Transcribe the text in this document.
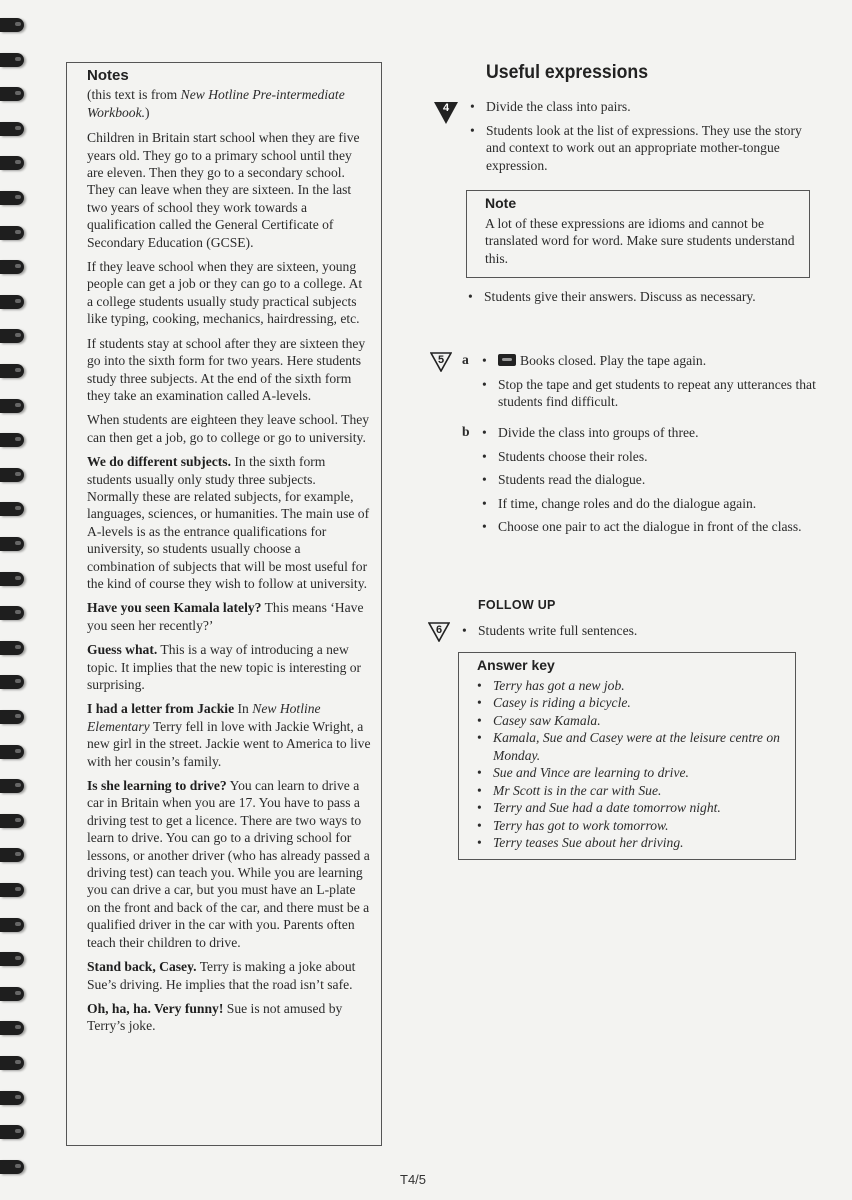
Notes

(this text is from New Hotline Pre-intermediate Workbook.)

Children in Britain start school when they are five years old. They go to a primary school until they are eleven. Then they go to a secondary school. They can leave when they are sixteen. In the last two years of school they work towards a qualification called the General Certificate of Secondary Education (GCSE).

If they leave school when they are sixteen, young people can get a job or they can go to a college. At a college students usually study practical subjects like typing, cooking, mechanics, hairdressing, etc.

If students stay at school after they are sixteen they go into the sixth form for two years. Here students study three subjects. At the end of the sixth form they take an examination called A-levels.

When students are eighteen they leave school. They can then get a job, go to college or go to university.

We do different subjects. In the sixth form students usually only study three subjects. Normally these are related subjects, for example, languages, sciences, or humanities. The main use of A-levels is as the entrance qualifications for university, so students usually choose a combination of subjects that will be most useful for the kind of course they wish to follow at university.

Have you seen Kamala lately? This means ‘Have you seen her recently?’

Guess what. This is a way of introducing a new topic. It implies that the new topic is interesting or surprising.

I had a letter from Jackie In New Hotline Elementary Terry fell in love with Jackie Wright, a new girl in the street. Jackie went to America to live with her cousin’s family.

Is she learning to drive? You can learn to drive a car in Britain when you are 17. You have to pass a driving test to get a licence. There are two ways to learn to drive. You can go to a driving school for lessons, or another driver (who has already passed a driving test) can teach you. While you are learning you can drive a car, but you must have an L-plate on the front and back of the car, and there must be a qualified driver in the car with you. Parents often teach their children to drive.

Stand back, Casey. Terry is making a joke about Sue’s driving. He implies that the road isn’t safe.

Oh, ha, ha. Very funny! Sue is not amused by Terry’s joke.

Useful expressions
4	• Divide the class into pairs.
• Students look at the list of expressions. They use the story and context to work out an appropriate mother-tongue expression.
Note
A lot of these expressions are idioms and cannot be translated word for word. Make sure students understand this.
• Students give their answers. Discuss as necessary.
5	a	• Books closed. Play the tape again.
• Stop the tape and get students to repeat any utterances that students find difficult.
b	• Divide the class into groups of three.
• Students choose their roles.
• Students read the dialogue.
• If time, change roles and do the dialogue again.
• Choose one pair to act the dialogue in front of the class.
FOLLOW UP
6	• Students write full sentences.
Answer key
• Terry has got a new job.
• Casey is riding a bicycle.
• Casey saw Kamala.
• Kamala, Sue and Casey were at the leisure centre on Monday.
• Sue and Vince are learning to drive.
• Mr Scott is in the car with Sue.
• Terry and Sue had a date tomorrow night.
• Terry has got to work tomorrow.
• Terry teases Sue about her driving.
T4/5
